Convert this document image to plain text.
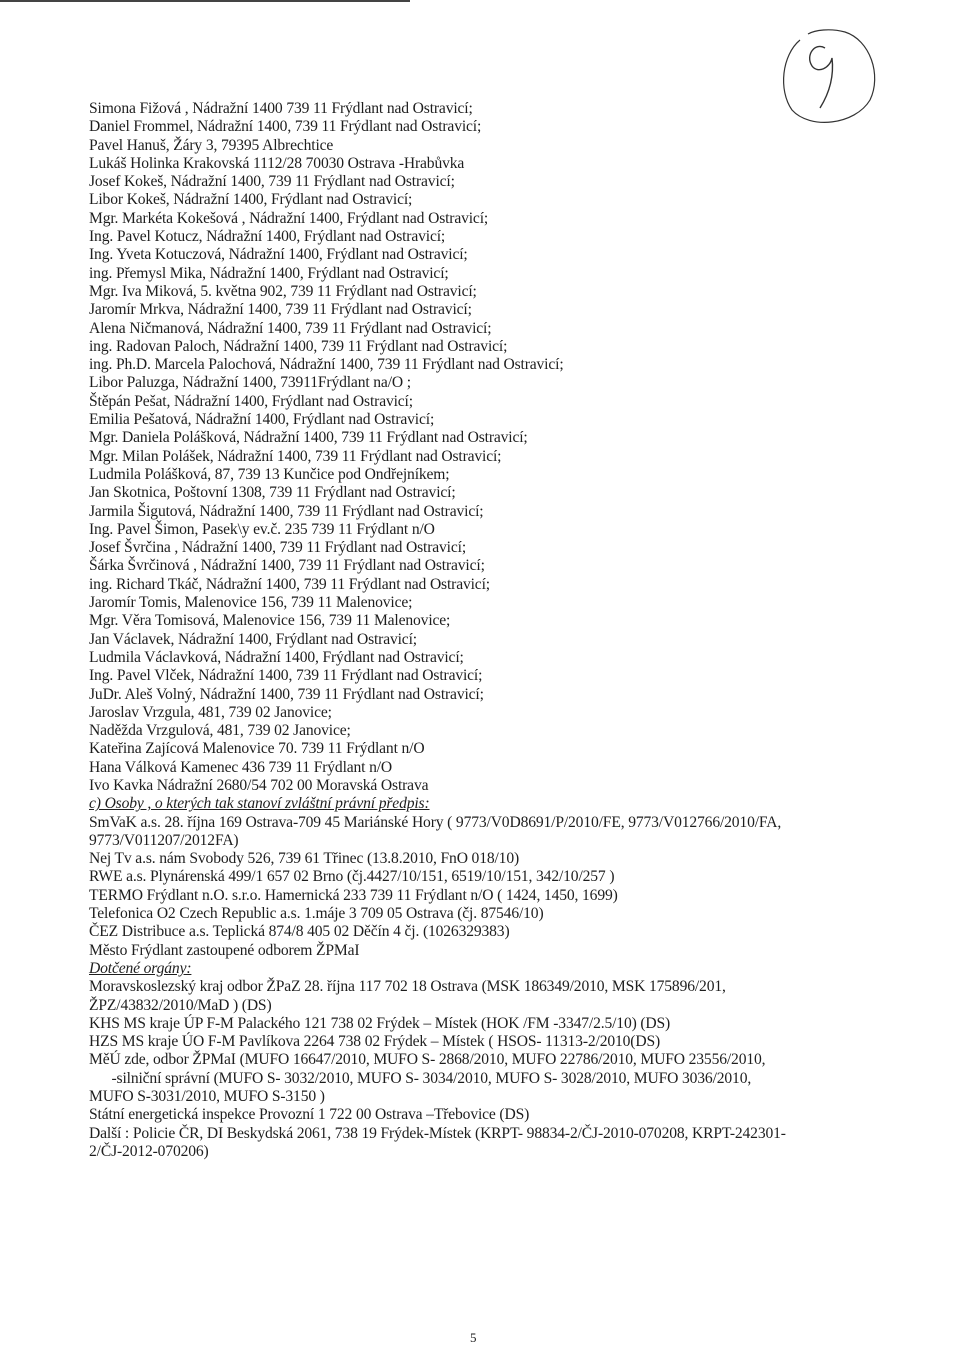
9
Simona Fižová , Nádražní 1400 739 11 Frýdlant nad Ostravicí;
Daniel Frommel, Nádražní 1400, 739 11 Frýdlant nad Ostravicí;
Pavel Hanuš, Žáry 3, 79395 Albrechtice
Lukáš Holinka Krakovská 1112/28 70030 Ostrava -Hrabůvka
Josef Kokeš, Nádražní 1400, 739 11 Frýdlant nad Ostravicí;
Libor Kokeš, Nádražní 1400, Frýdlant nad Ostravicí;
Mgr. Markéta Kokešová , Nádražní 1400, Frýdlant nad Ostravicí;
Ing. Pavel Kotucz, Nádražní 1400, Frýdlant nad Ostravicí;
Ing. Yveta Kotuczová, Nádražní 1400, Frýdlant nad Ostravicí;
ing. Přemysl Mika, Nádražní 1400, Frýdlant nad Ostravicí;
Mgr. Iva Miková, 5. května 902, 739 11 Frýdlant nad Ostravicí;
Jaromír Mrkva, Nádražní 1400, 739 11 Frýdlant nad Ostravicí;
Alena Ničmanová, Nádražní 1400, 739 11 Frýdlant nad Ostravicí;
ing. Radovan Paloch, Nádražní 1400, 739 11 Frýdlant nad Ostravicí;
ing. Ph.D. Marcela Palochová, Nádražní 1400, 739 11 Frýdlant nad Ostravicí;
Libor Paluzga, Nádražní 1400, 73911Frýdlant na/O ;
Štěpán Pešat, Nádražní 1400, Frýdlant nad Ostravicí;
Emilia Pešatová, Nádražní 1400, Frýdlant nad Ostravicí;
Mgr. Daniela Polášková, Nádražní 1400, 739 11 Frýdlant nad Ostravicí;
Mgr. Milan Polášek, Nádražní 1400, 739 11 Frýdlant nad Ostravicí;
Ludmila Polášková, 87, 739 13 Kunčice pod Ondřejníkem;
Jan Skotnica, Poštovní 1308, 739 11 Frýdlant nad Ostravicí;
Jarmila Šigutová, Nádražní 1400, 739 11 Frýdlant nad Ostravicí;
Ing. Pavel Šimon, Pasek\y ev.č. 235 739 11 Frýdlant n/O
Josef Švrčina , Nádražní 1400, 739 11 Frýdlant nad Ostravicí;
Šárka Švrčinová , Nádražní 1400, 739 11 Frýdlant nad Ostravicí;
ing. Richard Tkáč, Nádražní 1400, 739 11 Frýdlant nad Ostravicí;
Jaromír Tomis, Malenovice 156, 739 11 Malenovice;
Mgr. Věra Tomisová, Malenovice 156, 739 11 Malenovice;
Jan Václavek, Nádražní 1400, Frýdlant nad Ostravicí;
Ludmila Václavková, Nádražní 1400, Frýdlant nad Ostravicí;
Ing. Pavel Vlček, Nádražní 1400, 739 11 Frýdlant nad Ostravicí;
JuDr. Aleš Volný, Nádražní 1400, 739 11 Frýdlant nad Ostravicí;
Jaroslav Vrzgula, 481, 739 02 Janovice;
Naděžda Vrzgulová, 481, 739 02 Janovice;
Kateřina Zajícová Malenovice 70. 739 11 Frýdlant n/O
Hana Válková Kamenec 436 739 11 Frýdlant n/O
Ivo Kavka Nádražní 2680/54 702 00 Moravská Ostrava
c) Osoby , o kterých tak stanoví zvláštní právní předpis:
SmVaK a.s. 28. října 169 Ostrava-709 45 Mariánské Hory ( 9773/V0D8691/P/2010/FE, 9773/V012766/2010/FA,
9773/V011207/2012FA)
Nej Tv a.s. nám Svobody 526, 739 61 Třinec (13.8.2010, FnO 018/10)
RWE a.s. Plynárenská 499/1 657 02 Brno (čj.4427/10/151, 6519/10/151, 342/10/257 )
TERMO Frýdlant n.O. s.r.o. Hamernická 233 739 11 Frýdlant n/O ( 1424, 1450, 1699)
Telefonica O2 Czech Republic a.s. 1.máje 3 709 05 Ostrava (čj. 87546/10)
ČEZ Distribuce a.s. Teplická 874/8 405 02 Děčín 4 čj. (1026329383)
Město Frýdlant zastoupené odborem ŽPMaI
Dotčené orgány:
Moravskoslezský kraj odbor ŽPaZ 28. října 117 702 18 Ostrava (MSK 186349/2010, MSK 175896/201,
ŽPZ/43832/2010/MaD ) (DS)
KHS MS kraje ÚP F-M Palackého 121 738 02 Frýdek – Místek (HOK /FM -3347/2.5/10) (DS)
HZS MS kraje ÚO F-M Pavlíkova 2264 738 02 Frýdek – Místek ( HSOS- 11313-2/2010(DS)
MěÚ zde, odbor ŽPMaI (MUFO 16647/2010, MUFO S- 2868/2010, MUFO 22786/2010, MUFO 23556/2010,
-silniční správní (MUFO S- 3032/2010, MUFO S- 3034/2010, MUFO S- 3028/2010, MUFO 3036/2010,
MUFO S-3031/2010, MUFO S-3150 )
Státní energetická inspekce Provozní 1 722 00 Ostrava –Třebovice (DS)
Další : Policie ČR, DI Beskydská 2061, 738 19 Frýdek-Místek (KRPT- 98834-2/ČJ-2010-070208, KRPT-242301-
2/ČJ-2012-070206)
5
